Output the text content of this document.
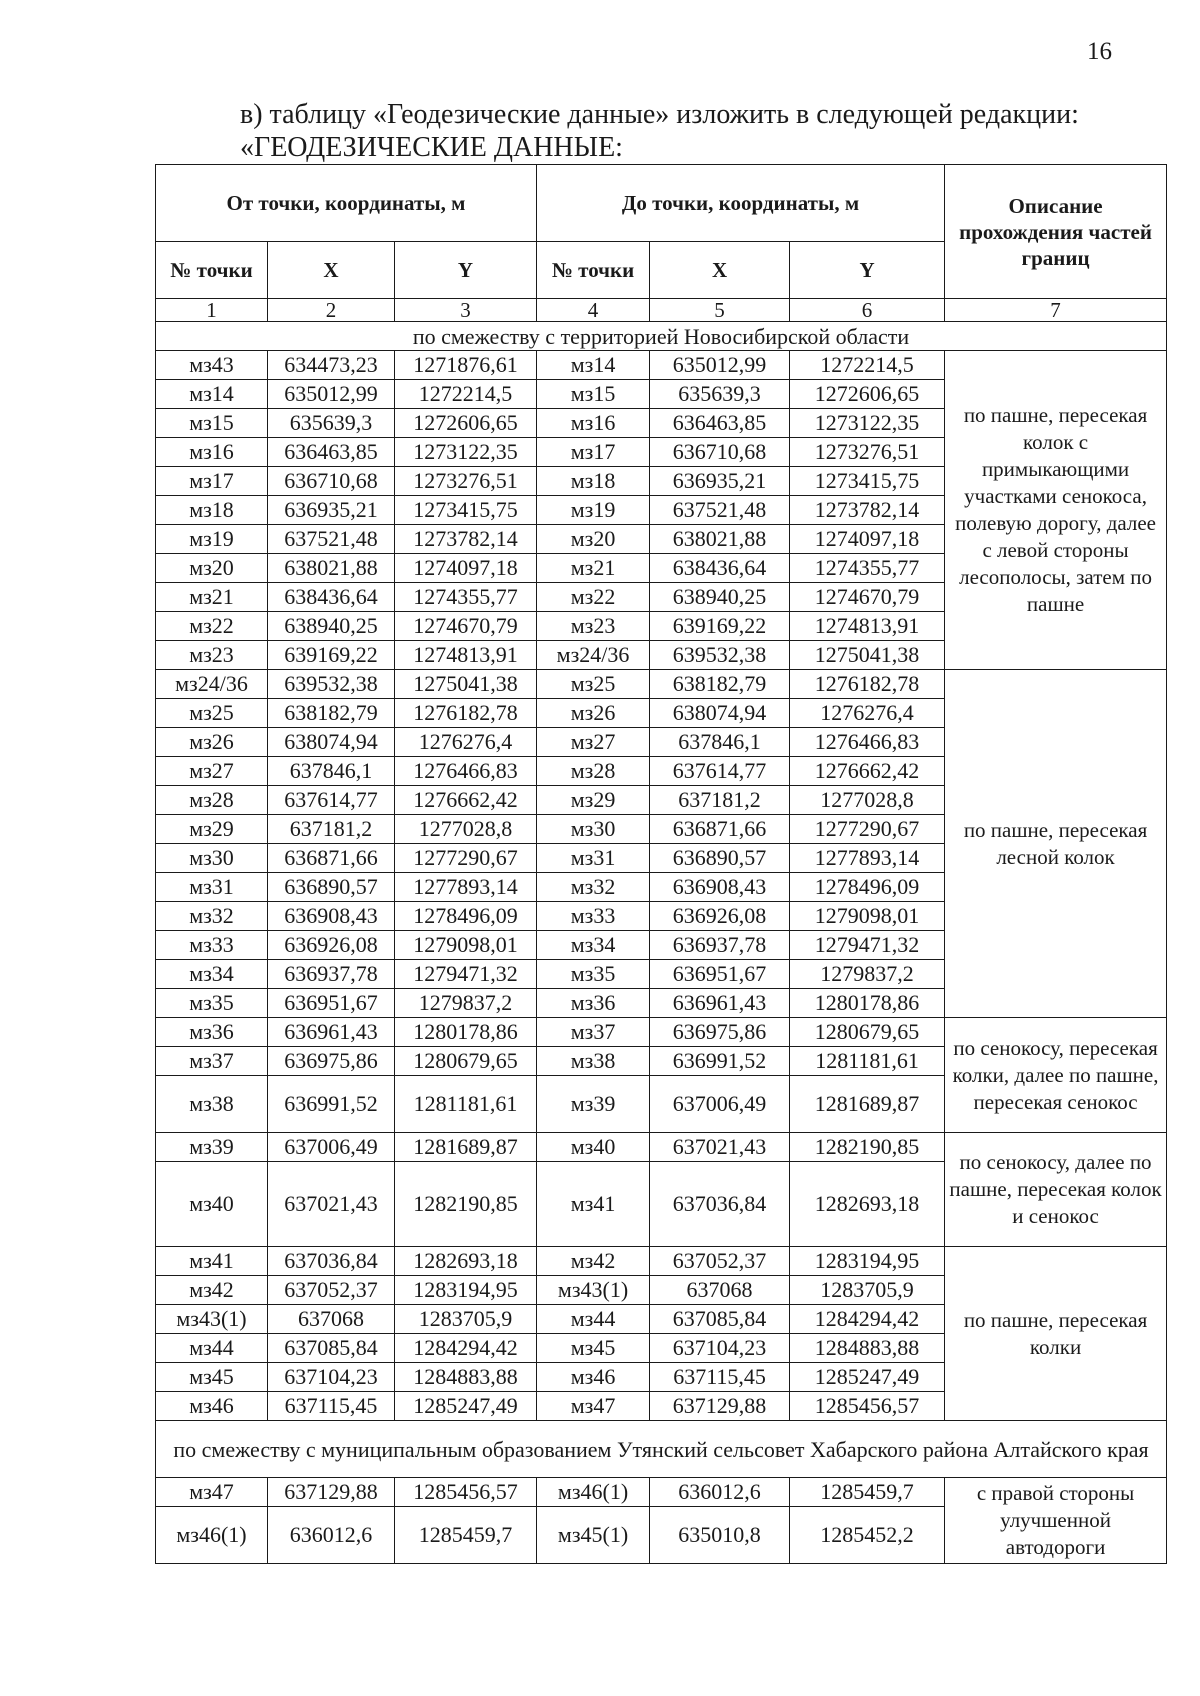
16
в) таблицу «Геодезические данные» изложить в следующей редакции:
«ГЕОДЕЗИЧЕСКИЕ ДАННЫЕ:
От точки, координаты, м			До точки, координаты, м			Описание прохождения частей границ
№ точки	X	Y	№ точки	X	Y	
1	2	3	4	5	6	7
по смежеству с территорией Новосибирской области						
мз43	634473,23	1271876,61	мз14	635012,99	1272214,5	по пашне, пересекая колок с примыкающими участками сенокоса, полевую дорогу, далее с левой стороны лесополосы, затем по пашне
мз14	635012,99	1272214,5	мз15	635639,3	1272606,65	
мз15	635639,3	1272606,65	мз16	636463,85	1273122,35	
мз16	636463,85	1273122,35	мз17	636710,68	1273276,51	
мз17	636710,68	1273276,51	мз18	636935,21	1273415,75	
мз18	636935,21	1273415,75	мз19	637521,48	1273782,14	
мз19	637521,48	1273782,14	мз20	638021,88	1274097,18	
мз20	638021,88	1274097,18	мз21	638436,64	1274355,77	
мз21	638436,64	1274355,77	мз22	638940,25	1274670,79	
мз22	638940,25	1274670,79	мз23	639169,22	1274813,91	
мз23	639169,22	1274813,91	мз24/36	639532,38	1275041,38	
мз24/36	639532,38	1275041,38	мз25	638182,79	1276182,78	по пашне, пересекая лесной колок
мз25	638182,79	1276182,78	мз26	638074,94	1276276,4	
мз26	638074,94	1276276,4	мз27	637846,1	1276466,83	
мз27	637846,1	1276466,83	мз28	637614,77	1276662,42	
мз28	637614,77	1276662,42	мз29	637181,2	1277028,8	
мз29	637181,2	1277028,8	мз30	636871,66	1277290,67	
мз30	636871,66	1277290,67	мз31	636890,57	1277893,14	
мз31	636890,57	1277893,14	мз32	636908,43	1278496,09	
мз32	636908,43	1278496,09	мз33	636926,08	1279098,01	
мз33	636926,08	1279098,01	мз34	636937,78	1279471,32	
мз34	636937,78	1279471,32	мз35	636951,67	1279837,2	
мз35	636951,67	1279837,2	мз36	636961,43	1280178,86	
мз36	636961,43	1280178,86	мз37	636975,86	1280679,65	по сенокосу, пересекая колки, далее по пашне, пересекая сенокос
мз37	636975,86	1280679,65	мз38	636991,52	1281181,61	
мз38	636991,52	1281181,61	мз39	637006,49	1281689,87	
мз39	637006,49	1281689,87	мз40	637021,43	1282190,85	по сенокосу, далее по пашне, пересекая колок и сенокос
мз40	637021,43	1282190,85	мз41	637036,84	1282693,18	
мз41	637036,84	1282693,18	мз42	637052,37	1283194,95	по пашне, пересекая колки
мз42	637052,37	1283194,95	мз43(1)	637068	1283705,9	
мз43(1)	637068	1283705,9	мз44	637085,84	1284294,42	
мз44	637085,84	1284294,42	мз45	637104,23	1284883,88	
мз45	637104,23	1284883,88	мз46	637115,45	1285247,49	
мз46	637115,45	1285247,49	мз47	637129,88	1285456,57	
по смежеству с муниципальным образованием Утянский сельсовет Хабарского района Алтайского края						
мз47	637129,88	1285456,57	мз46(1)	636012,6	1285459,7	с правой стороны улучшенной автодороги
мз46(1)	636012,6	1285459,7	мз45(1)	635010,8	1285452,2	
